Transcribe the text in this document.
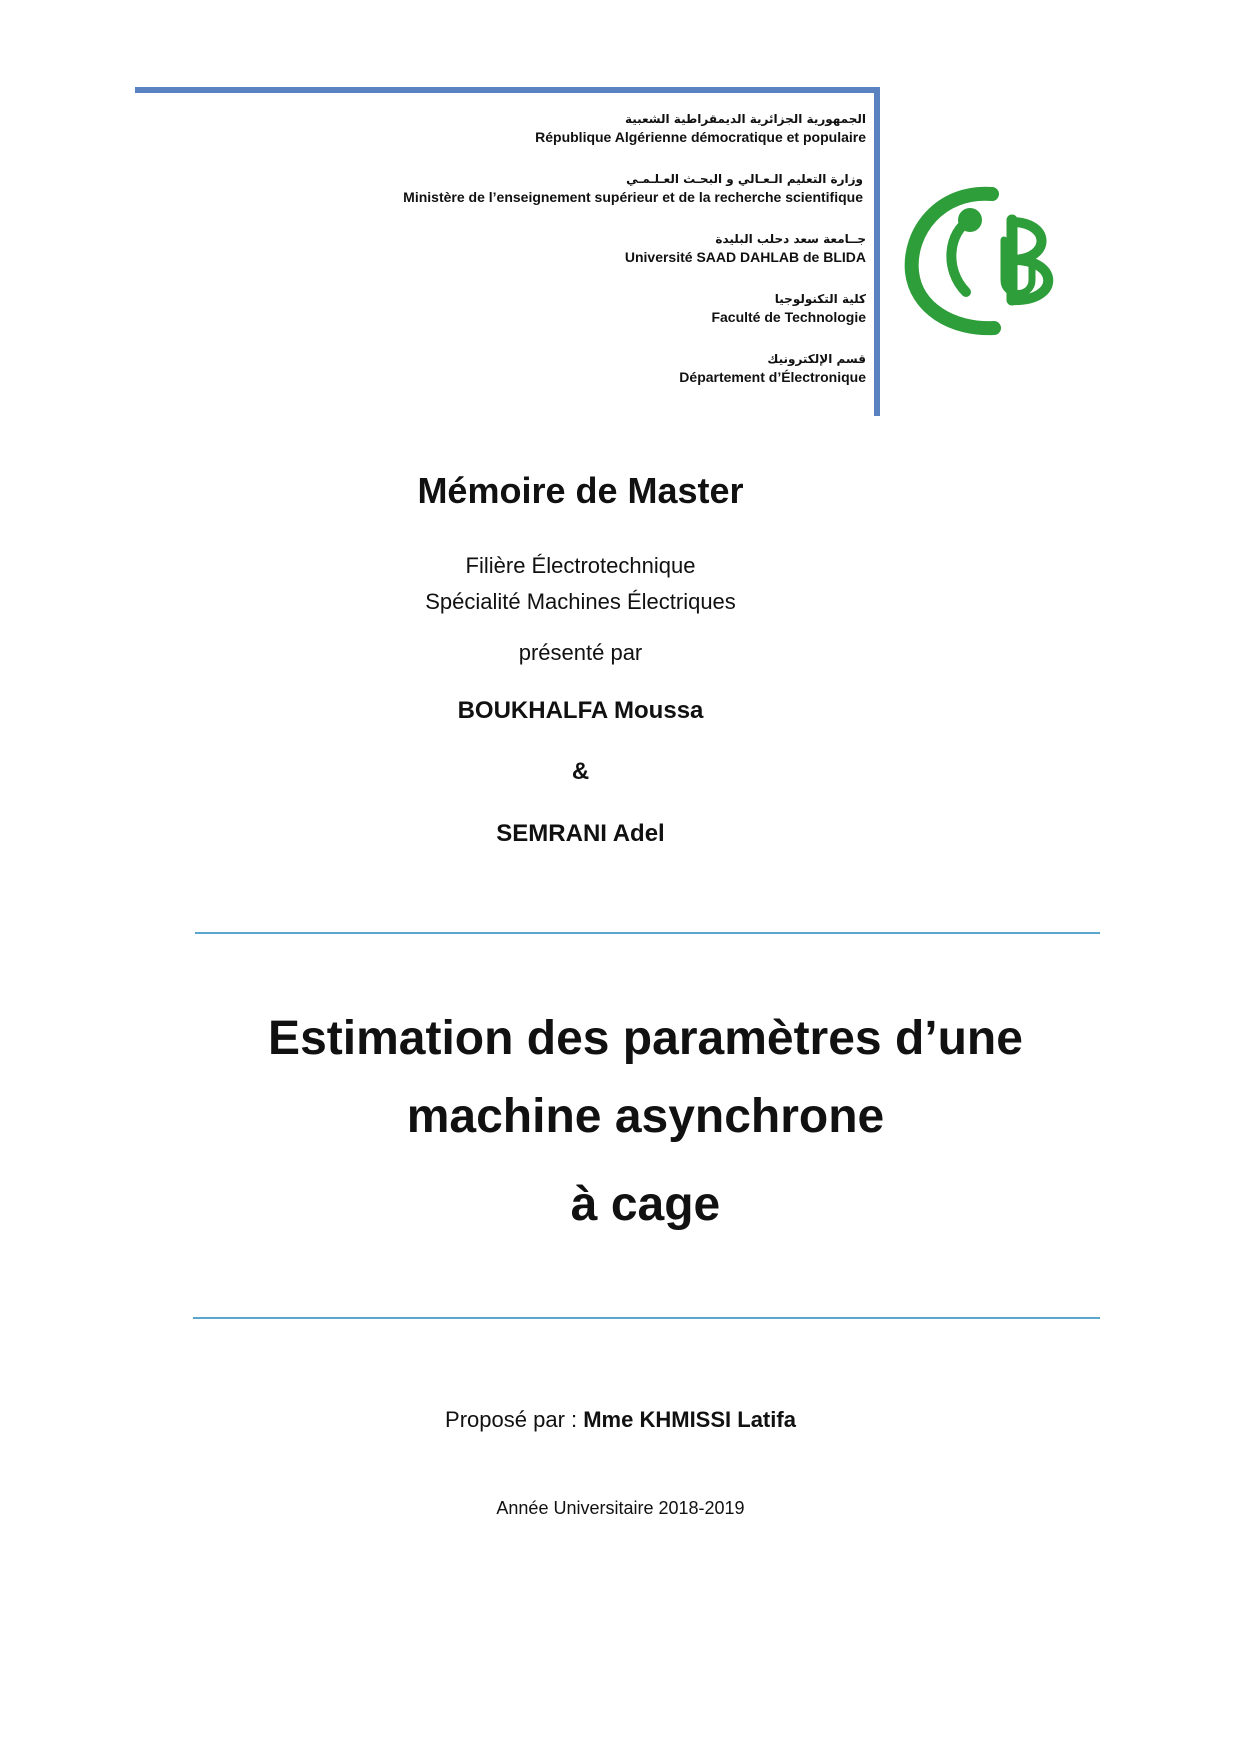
الجمهورية الجزائرية الديمقراطية الشعبية
République Algérienne démocratique et populaire
وزارة التعليم الـعـالي و البحـث العـلـمـي
Ministère de l’enseignement supérieur et de la recherche scientifique
جــامعة سعد دحلب البليدة
Université SAAD DAHLAB de BLIDA
كلية التكنولوجيا
Faculté de Technologie
قسم الإلكترونيك
Département d’Électronique
Mémoire de Master
Filière Électrotechnique
Spécialité Machines Électriques
présenté par
BOUKHALFA Moussa
&
SEMRANI Adel
Estimation des paramètres d’une
machine asynchrone
à cage
Proposé par : Mme KHMISSI Latifa
Année Universitaire 2018-2019
